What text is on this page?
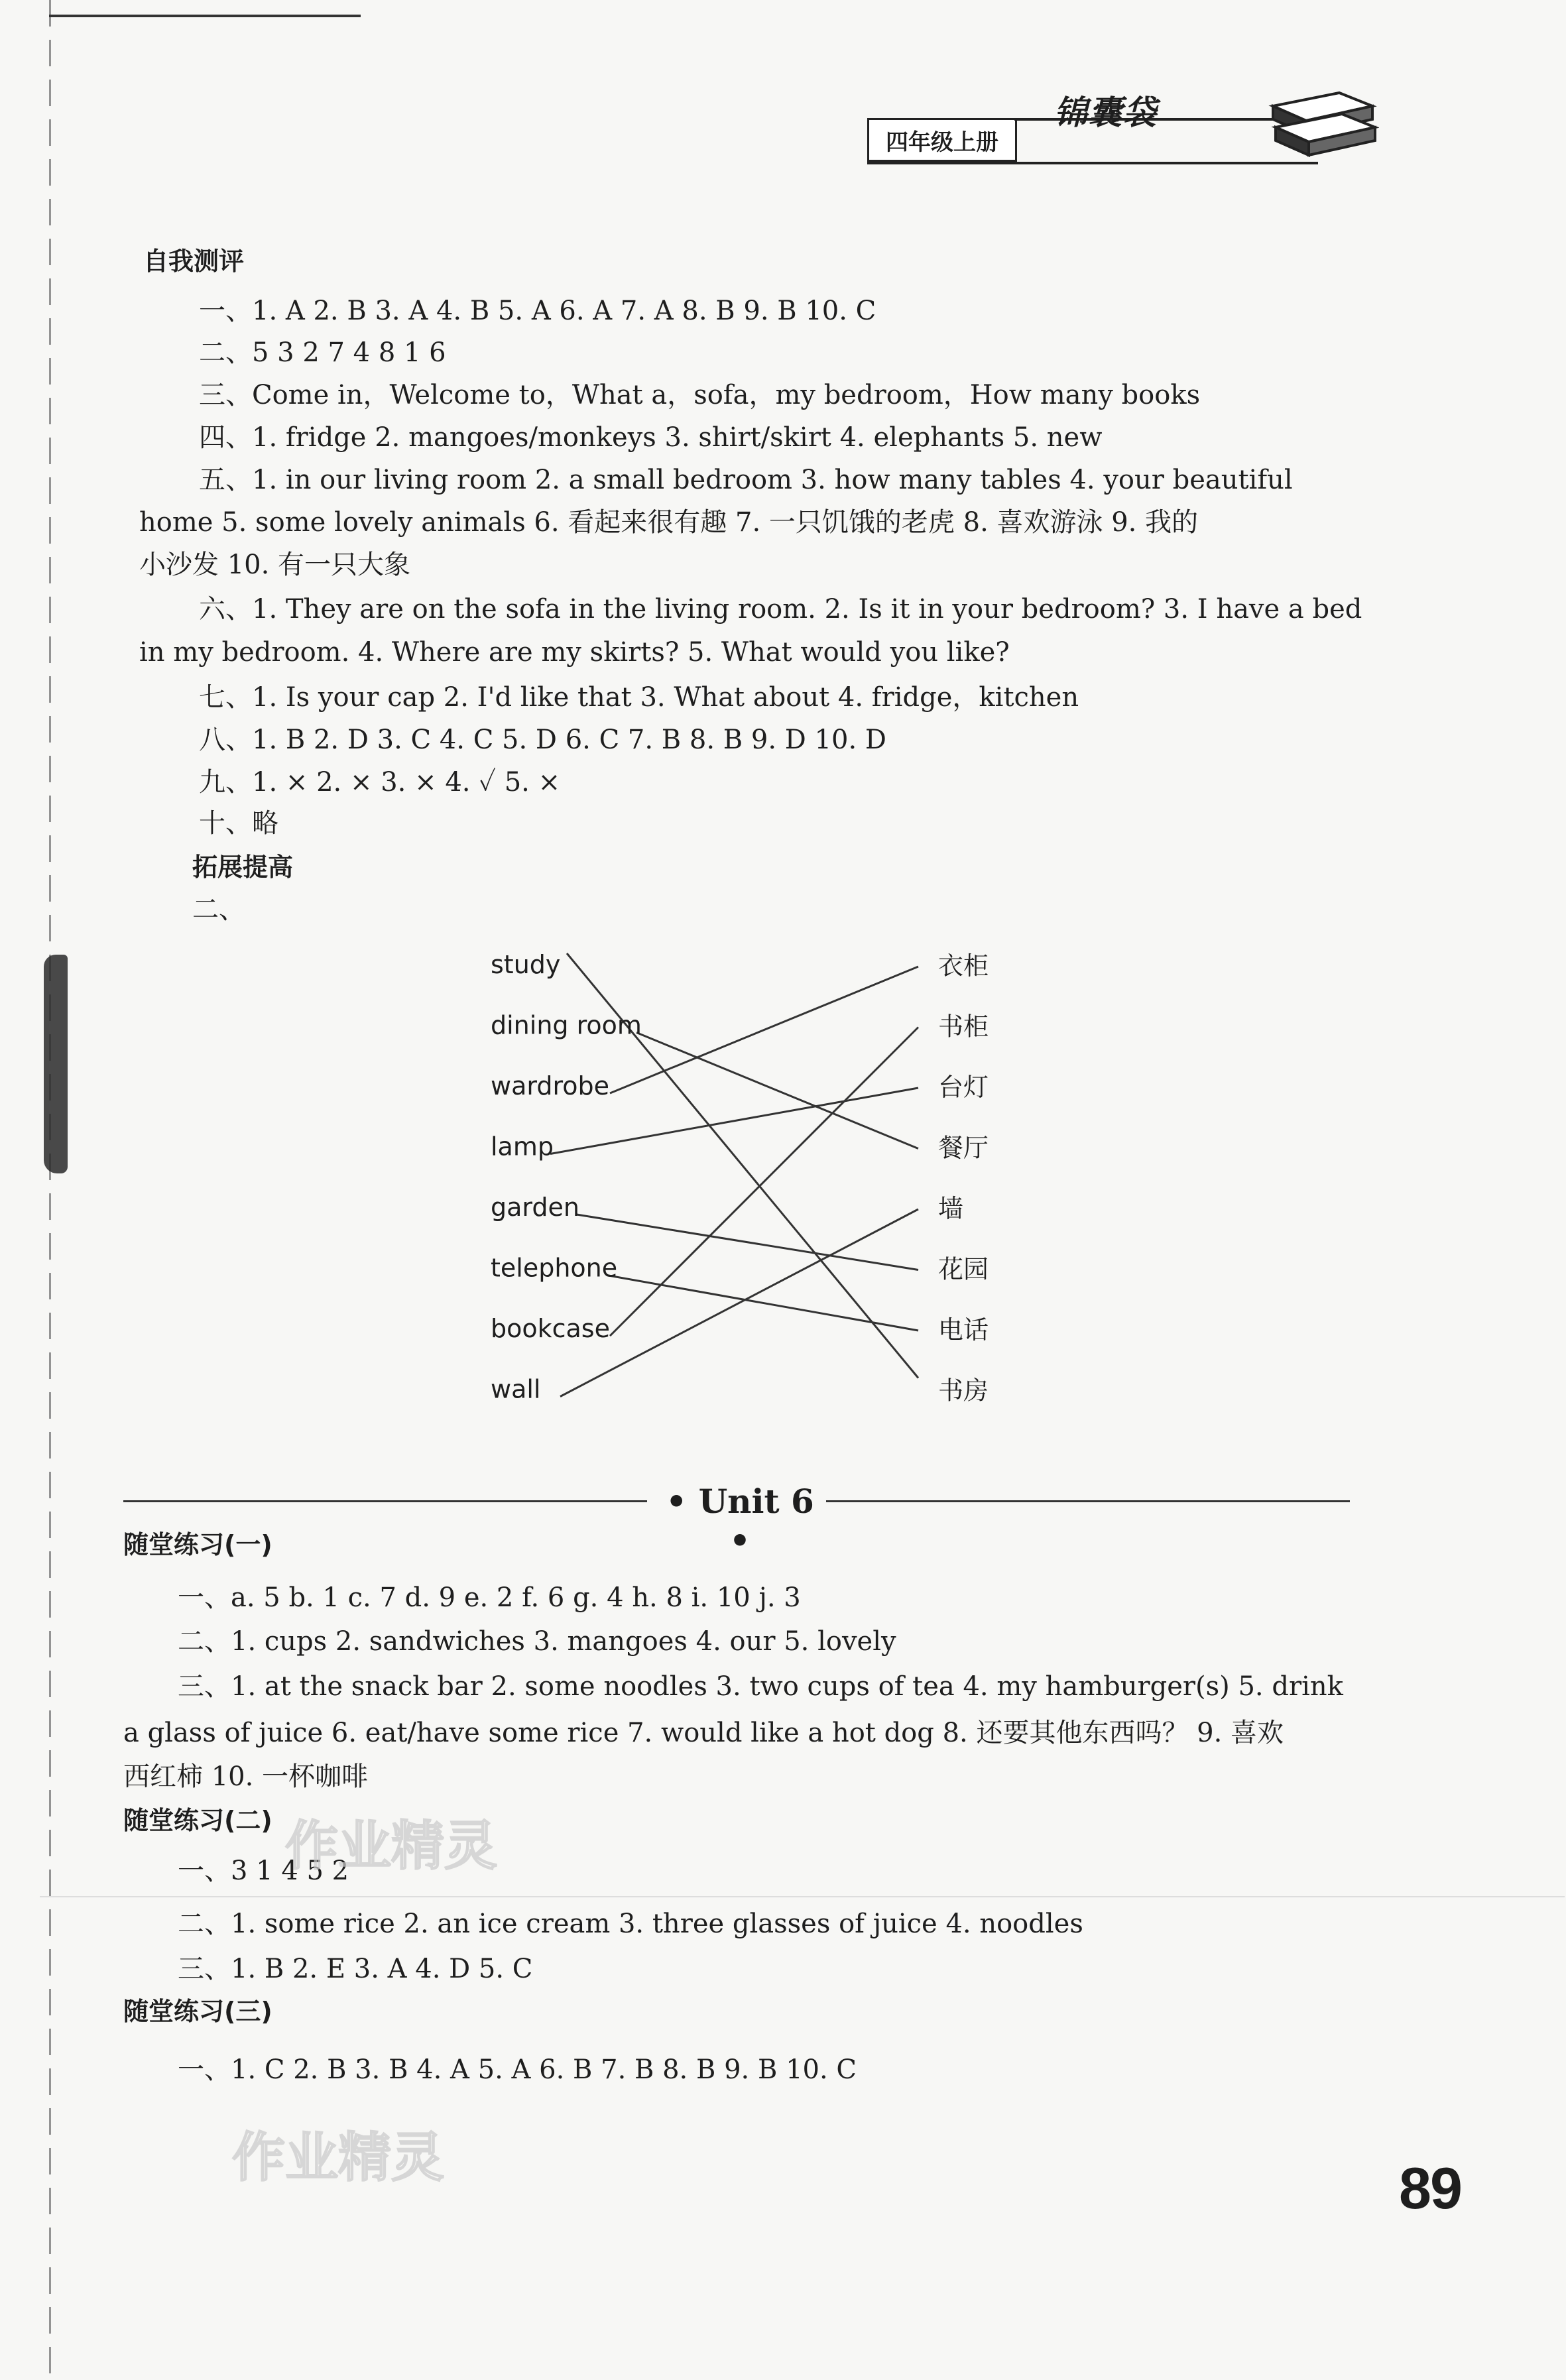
四年级上册
锦囊袋
自我测评
一、1. A 2. B 3. A 4. B 5. A 6. A 7. A 8. B 9. B 10. C
二、5 3 2 7 4 8 1 6
三、Come in，Welcome to，What a，sofa，my bedroom，How many books
四、1. fridge 2. mangoes/monkeys 3. shirt/skirt 4. elephants 5. new
五、1. in our living room 2. a small bedroom 3. how many tables 4. your beautiful
home 5. some lovely animals 6. 看起来很有趣 7. 一只饥饿的老虎 8. 喜欢游泳 9. 我的
小沙发 10. 有一只大象
六、1. They are on the sofa in the living room. 2. Is it in your bedroom? 3. I have a bed
in my bedroom. 4. Where are my skirts? 5. What would you like?
七、1. Is your cap 2. I'd like that 3. What about 4. fridge，kitchen
八、1. B 2. D 3. C 4. C 5. D 6. C 7. B 8. B 9. D 10. D
九、1. × 2. × 3. × 4. ✓ 5. ×
十、略
拓展提高
二、
study
dining room
wardrobe
lamp
garden
telephone
bookcase
wall
衣柜
书柜
台灯
餐厅
墙
花园
电话
书房
• Unit 6 •
随堂练习(一)
一、a. 5 b. 1 c. 7 d. 9 e. 2 f. 6 g. 4 h. 8 i. 10 j. 3
二、1. cups 2. sandwiches 3. mangoes 4. our 5. lovely
三、1. at the snack bar 2. some noodles 3. two cups of tea 4. my hamburger(s) 5. drink
a glass of juice 6. eat/have some rice 7. would like a hot dog 8. 还要其他东西吗？ 9. 喜欢
西红柿 10. 一杯咖啡
随堂练习(二)
一、3 1 4 5 2
二、1. some rice 2. an ice cream 3. three glasses of juice 4. noodles
三、1. B 2. E 3. A 4. D 5. C
随堂练习(三)
一、1. C 2. B 3. B 4. A 5. A 6. B 7. B 8. B 9. B 10. C
作业精灵
作业精灵	89
